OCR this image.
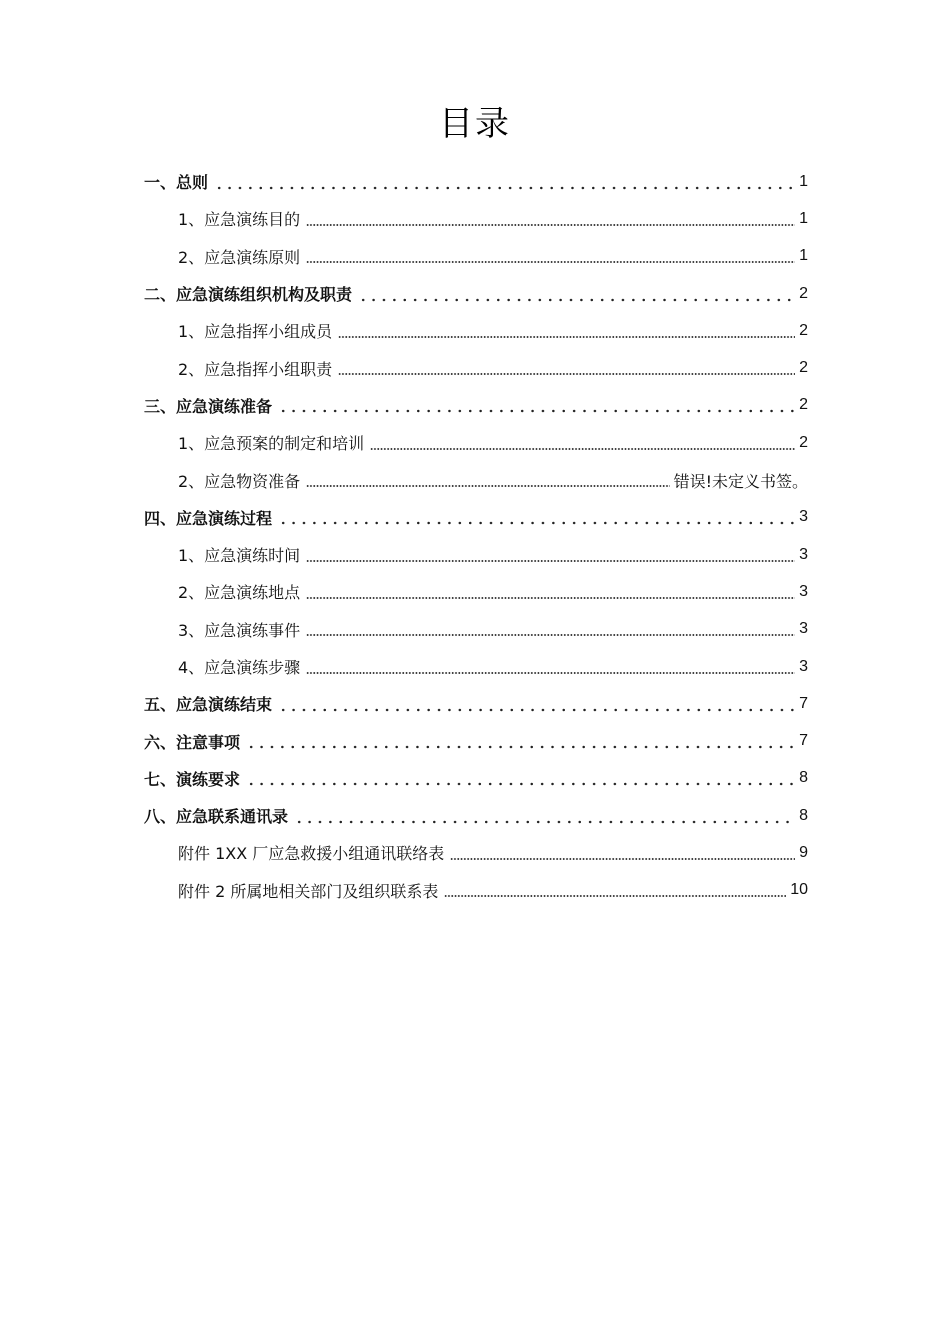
目录
一、总则	1
1、应急演练目的	1
2、应急演练原则	1
二、应急演练组织机构及职责	2
1、应急指挥小组成员	2
2、应急指挥小组职责	2
三、应急演练准备	2
1、应急预案的制定和培训	2
2、应急物资准备	错误!未定义书签。
四、应急演练过程	3
1、应急演练时间	3
2、应急演练地点	3
3、应急演练事件	3
4、应急演练步骤	3
五、应急演练结束	7
六、注意事项	7
七、演练要求	8
八、应急联系通讯录	8
附件 1XX 厂应急救援小组通讯联络表	9
附件 2 所属地相关部门及组织联系表	10
